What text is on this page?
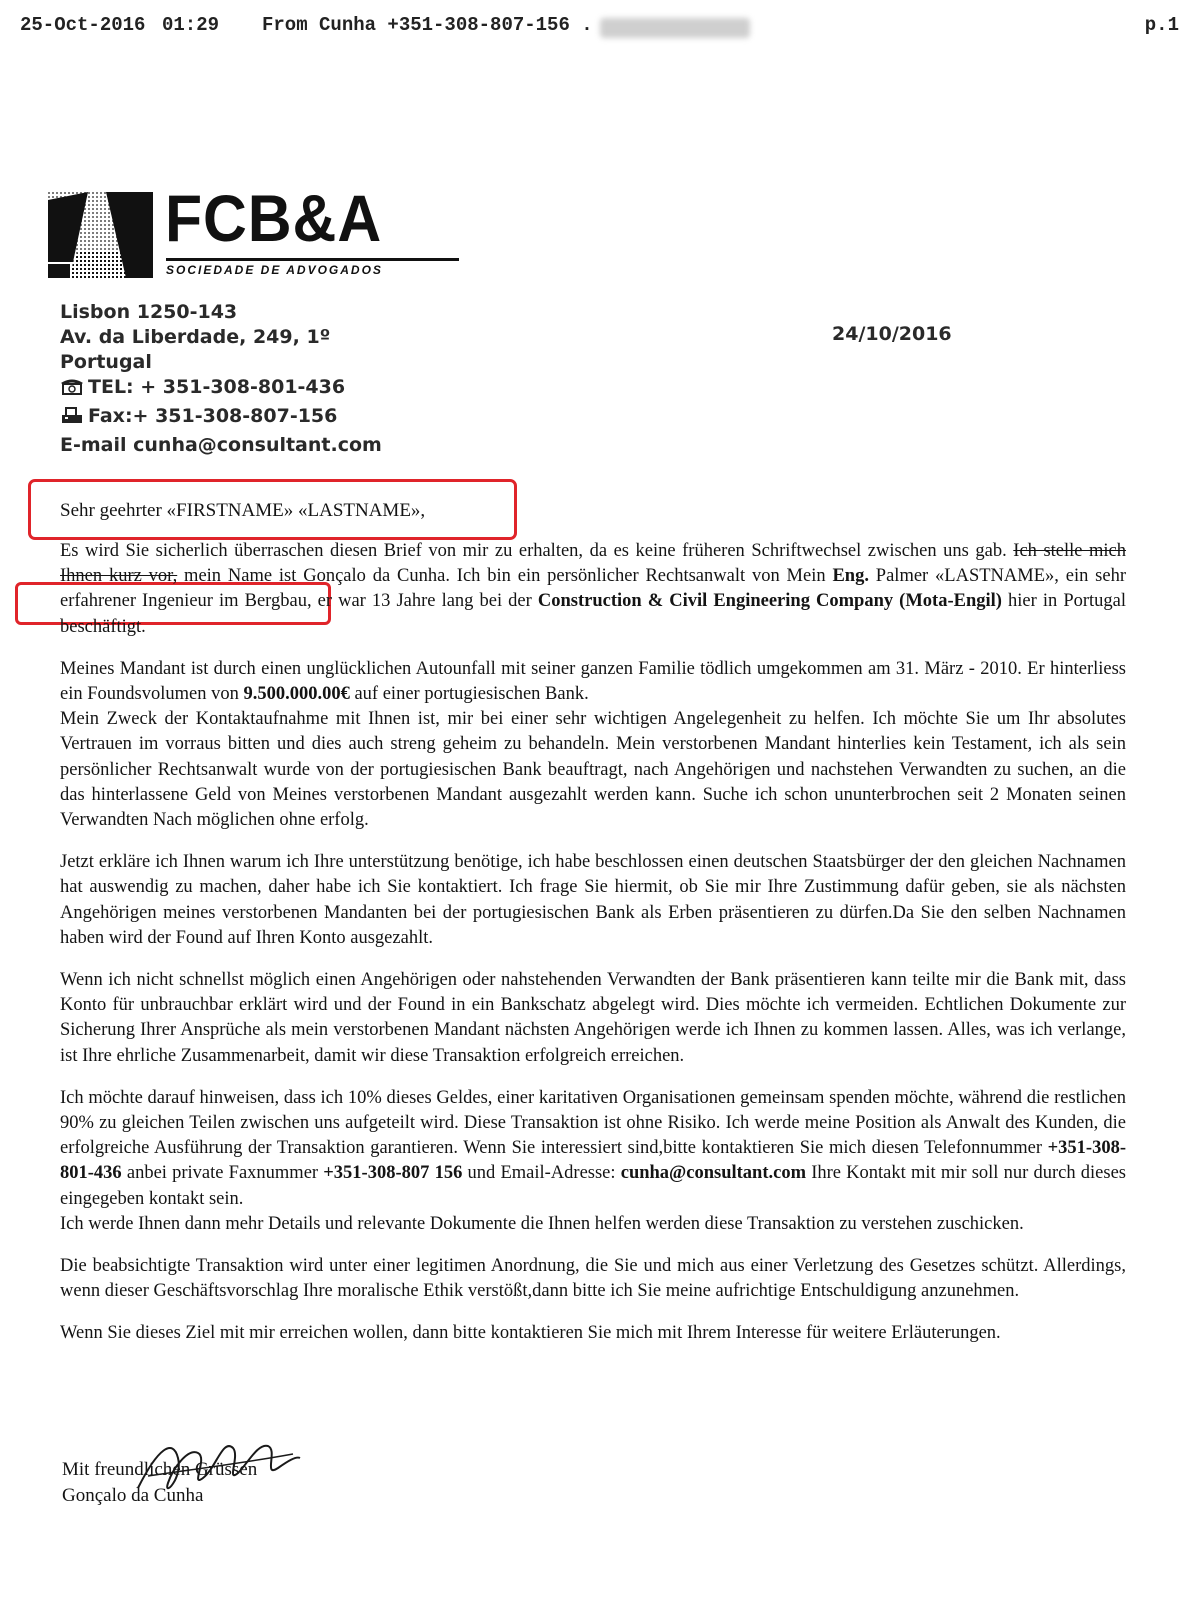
25-Oct-2016 01:29 From Cunha +351-308-807-156 .	p.1
FCB&A
SOCIEDADE DE ADVOGADOS
Lisbon 1250-143
Av. da Liberdade, 249, 1º
Portugal
TEL: + 351-308-801-436
Fax:+ 351-308-807-156
E-mail cunha@consultant.com
24/10/2016
Sehr geehrter «FIRSTNAME» «LASTNAME»,

Es wird Sie sicherlich überraschen diesen Brief von mir zu erhalten, da es keine früheren Schriftwechsel zwischen uns gab. Ich stelle mich Ihnen kurz vor, mein Name ist Gonçalo da Cunha. Ich bin ein persönlicher Rechtsanwalt von Mein Eng. Palmer «LASTNAME», ein sehr erfahrener Ingenieur im Bergbau, er war 13 Jahre lang bei der Construction & Civil Engineering Company (Mota-Engil) hier in Portugal beschäftigt.

Meines Mandant ist durch einen unglücklichen Autounfall mit seiner ganzen Familie tödlich umgekommen am 31. März - 2010. Er hinterliess ein Foundsvolumen von 9.500.000.00€ auf einer portugiesischen Bank.
Mein Zweck der Kontaktaufnahme mit Ihnen ist, mir bei einer sehr wichtigen Angelegenheit zu helfen. Ich möchte Sie um Ihr absolutes Vertrauen im vorraus bitten und dies auch streng geheim zu behandeln. Mein verstorbenen Mandant hinterlies kein Testament, ich als sein persönlicher Rechtsanwalt wurde von der portugiesischen Bank beauftragt, nach Angehörigen und nachstehen Verwandten zu suchen, an die das hinterlassene Geld von Meines verstorbenen Mandant ausgezahlt werden kann. Suche ich schon ununterbrochen seit 2 Monaten seinen Verwandten Nach möglichen ohne erfolg.

Jetzt erkläre ich Ihnen warum ich Ihre unterstützung benötige, ich habe beschlossen einen deutschen Staatsbürger der den gleichen Nachnamen hat auswendig zu machen, daher habe ich Sie kontaktiert. Ich frage Sie hiermit, ob Sie mir Ihre Zustimmung dafür geben, sie als nächsten Angehörigen meines verstorbenen Mandanten bei der portugiesischen Bank als Erben präsentieren zu dürfen.Da Sie den selben Nachnamen haben wird der Found auf Ihren Konto ausgezahlt.

Wenn ich nicht schnellst möglich einen Angehörigen oder nahstehenden Verwandten der Bank präsentieren kann teilte mir die Bank mit, dass Konto für unbrauchbar erklärt wird und der Found in ein Bankschatz abgelegt wird. Dies möchte ich vermeiden. Echtlichen Dokumente zur Sicherung Ihrer Ansprüche als mein verstorbenen Mandant nächsten Angehörigen werde ich Ihnen zu kommen lassen. Alles, was ich verlange, ist Ihre ehrliche Zusammenarbeit, damit wir diese Transaktion erfolgreich erreichen.

Ich möchte darauf hinweisen, dass ich 10% dieses Geldes, einer karitativen Organisationen gemeinsam spenden möchte, während die restlichen 90% zu gleichen Teilen zwischen uns aufgeteilt wird. Diese Transaktion ist ohne Risiko. Ich werde meine Position als Anwalt des Kunden, die erfolgreiche Ausführung der Transaktion garantieren. Wenn Sie interessiert sind,bitte kontaktieren Sie mich diesen Telefonnummer +351-308-801-436 anbei private Faxnummer +351-308-807 156 und Email-Adresse: cunha@consultant.com Ihre Kontakt mit mir soll nur durch dieses eingegeben kontakt sein.
Ich werde Ihnen dann mehr Details und relevante Dokumente die Ihnen helfen werden diese Transaktion zu verstehen zuschicken.

Die beabsichtigte Transaktion wird unter einer legitimen Anordnung, die Sie und mich aus einer Verletzung des Gesetzes schützt. Allerdings, wenn dieser Geschäftsvorschlag Ihre moralische Ethik verstößt,dann bitte ich Sie meine aufrichtige Entschuldigung anzunehmen.

Wenn Sie dieses Ziel mit mir erreichen wollen, dann bitte kontaktieren Sie mich mit Ihrem Interesse für weitere Erläuterungen.

Mit freundlichen Grüssen
Gonçalo da Cunha
